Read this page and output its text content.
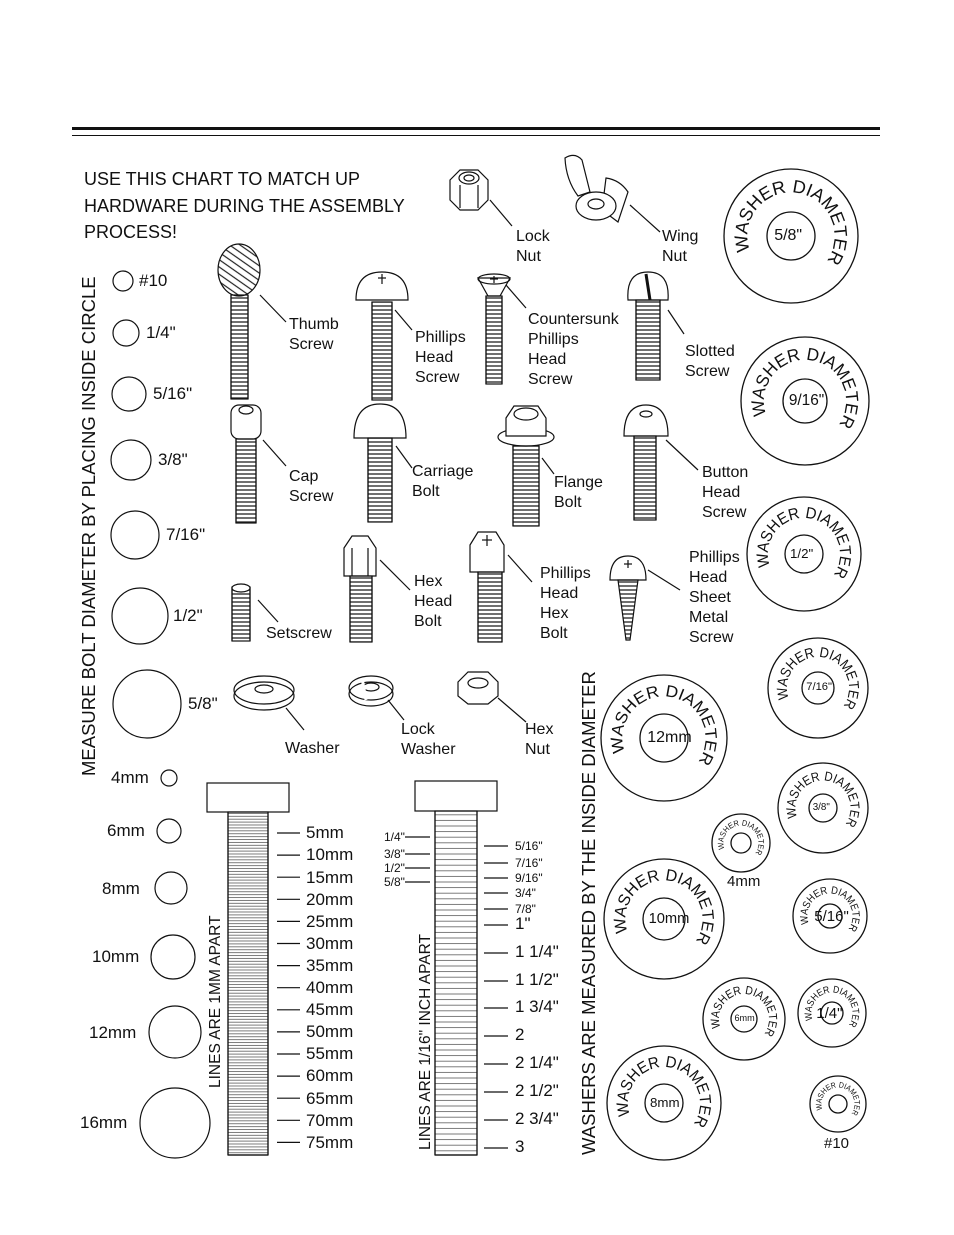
USE THIS CHART TO MATCH UP
HARDWARE DURING THE ASSEMBLY
PROCESS!
MEASURE BOLT DIAMETER BY PLACING INSIDE CIRCLE
WASHERS ARE MEASURED BY THE INSIDE DIAMETER
LINES ARE 1MM APART	LINES ARE 1/16" INCH APART
WASHER DIAMETER
WASHER DIAMETER
WASHER DIAMETER
WASHER DIAMETER
WASHER DIAMETER
WASHER DIAMETER
WASHER DIAMETER
WASHER DIAMETER
WASHER DIAMETER
WASHER DIAMETER
WASHER DIAMETER
WASHER DIAMETER
WASHER DIAMETER
Lock
Nut
Wing
Nut
Thumb
Screw	Phillips
Head
Screw
Countersunk
Phillips
Head
Screw
Slotted
Screw
Cap
Screw
Carriage
Bolt
Flange
Bolt
Button
Head
Screw
Setscrew
Hex
Head
Bolt
Phillips
Head
Hex
Bolt
Phillips
Head
Sheet
Metal
Screw
Washer
Lock
Washer
Hex
Nut
#10
1/4"
5/16"
3/8"
7/16"
1/2"
5/8"
4mm
6mm
8mm
10mm
12mm
16mm
5mm
10mm
15mm
20mm
25mm
30mm
35mm
40mm
45mm
50mm
55mm
60mm
65mm
70mm
75mm
1/4"
3/8"
1/2"
5/8"
5/16"
7/16"
9/16"
3/4"
7/8"
1"
1 1/4"
1 1/2"
1 3/4"
2
2 1/4"
2 1/2"
2 3/4"
3
5/8"
9/16"
1/2"
7/16"
12mm
3/8"
4mm
5/16"
10mm
6mm	1/4"
8mm
#10
